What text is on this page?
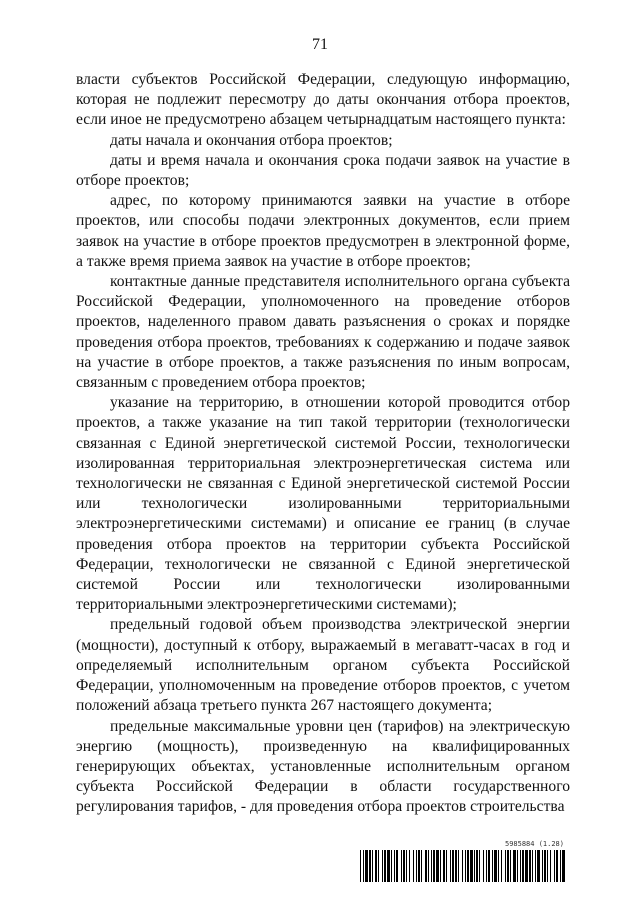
71

власти субъектов Российской Федерации, следующую информацию, которая не подлежит пересмотру до даты окончания отбора проектов, если иное не предусмотрено абзацем четырнадцатым настоящего пункта:

даты начала и окончания отбора проектов;

даты и время начала и окончания срока подачи заявок на участие в отборе проектов;

адрес, по которому принимаются заявки на участие в отборе проектов, или способы подачи электронных документов, если прием заявок на участие в отборе проектов предусмотрен в электронной форме, а также время приема заявок на участие в отборе проектов;

контактные данные представителя исполнительного органа субъекта Российской Федерации, уполномоченного на проведение отборов проектов, наделенного правом давать разъяснения о сроках и порядке проведения отбора проектов, требованиях к содержанию и подаче заявок на участие в отборе проектов, а также разъяснения по иным вопросам, связанным с проведением отбора проектов;

указание на территорию, в отношении которой проводится отбор проектов, а также указание на тип такой территории (технологически связанная с Единой энергетической системой России, технологически изолированная территориальная электроэнергетическая система или технологически не связанная с Единой энергетической системой России или технологически изолированными территориальными электроэнергетическими системами) и описание ее границ (в случае проведения отбора проектов на территории субъекта Российской Федерации, технологически не связанной с Единой энергетической системой России или технологически изолированными территориальными электроэнергетическими системами);

предельный годовой объем производства электрической энергии (мощности), доступный к отбору, выражаемый в мегаватт-часах в год и определяемый исполнительным органом субъекта Российской Федерации, уполномоченным на проведение отборов проектов, с учетом положений абзаца третьего пункта 267 настоящего документа;

предельные максимальные уровни цен (тарифов) на электрическую энергию (мощность), произведенную на квалифицированных генерирующих объектах, установленные исполнительным органом субъекта Российской Федерации в области государственного регулирования тарифов, - для проведения отбора проектов строительства

5985884 (1.28)
